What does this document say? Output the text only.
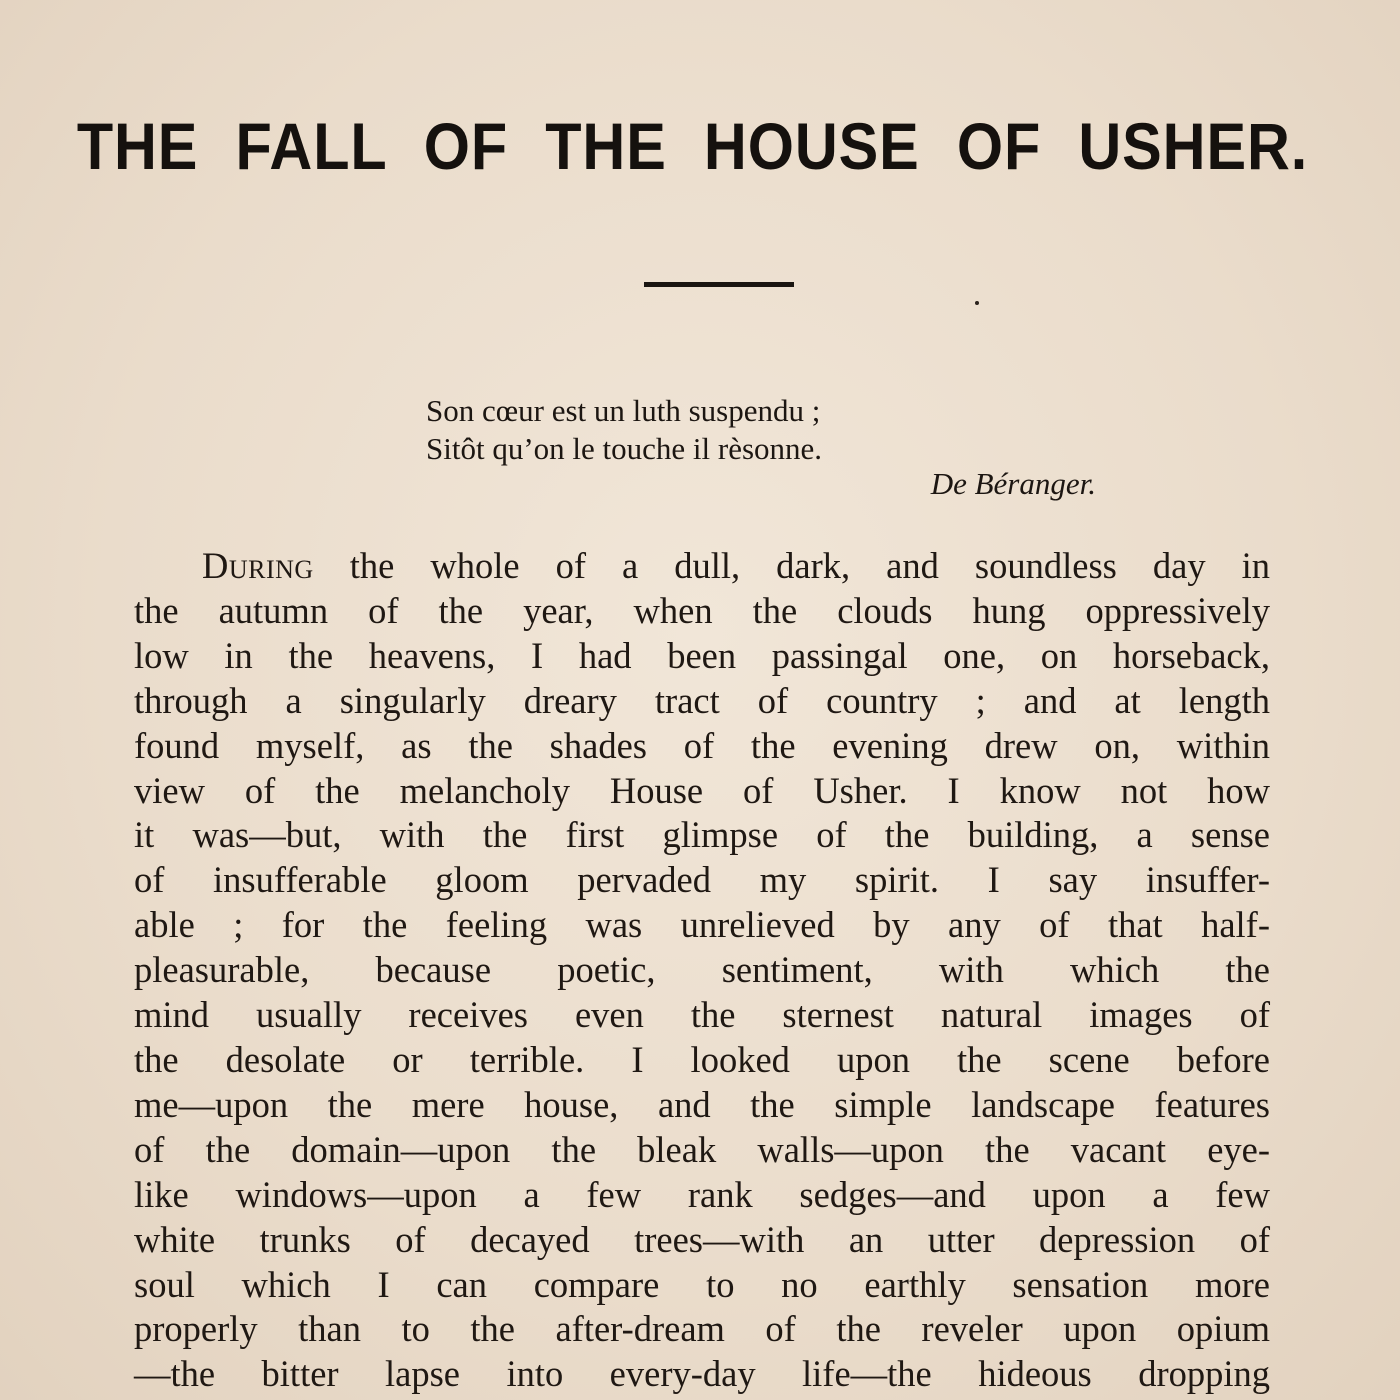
THE FALL OF THE HOUSE OF USHER.
Son cœur est un luth suspendu ;
Sitôt qu’on le touche il rèsonne.
De Béranger.
During the whole of a dull, dark, and soundless day in
the autumn of the year, when the clouds hung oppressively
low in the heavens, I had been passingal one, on horseback,
through a singularly dreary tract of country ; and at length
found myself, as the shades of the evening drew on, within
view of the melancholy House of Usher. I know not how
it was—but, with the first glimpse of the building, a sense
of insufferable gloom pervaded my spirit. I say insuffer-
able ; for the feeling was unrelieved by any of that half-
pleasurable, because poetic, sentiment, with which the
mind usually receives even the sternest natural images of
the desolate or terrible. I looked upon the scene before
me—upon the mere house, and the simple landscape features
of the domain—upon the bleak walls—upon the vacant eye-
like windows—upon a few rank sedges—and upon a few
white trunks of decayed trees—with an utter depression of
soul which I can compare to no earthly sensation more
properly than to the after-dream of the reveler upon opium
—the bitter lapse into every-day life—the hideous dropping
